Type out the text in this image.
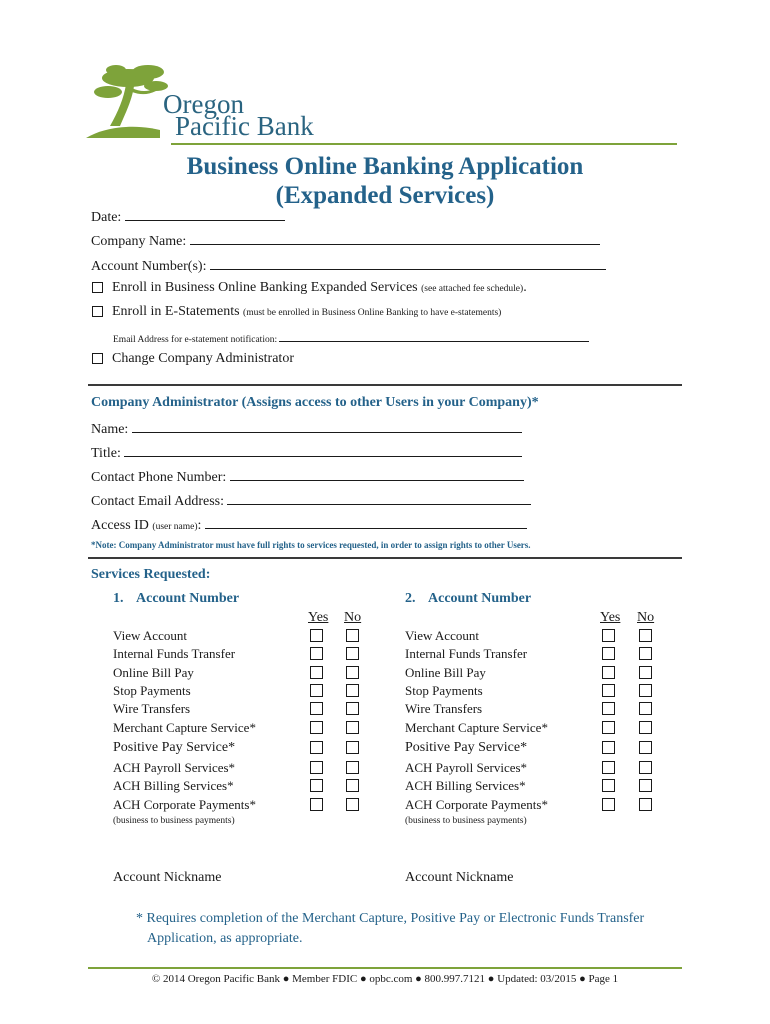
Oregon
Pacific Bank
Business Online Banking Application
(Expanded Services)
Date:
Company Name:
Account Number(s):
Enroll in Business Online Banking Expanded Services (see attached fee schedule).
Enroll in E-Statements (must be enrolled in Business Online Banking to have e-statements)
Email Address for e-statement notification:
Change Company Administrator
Company Administrator (Assigns access to other Users in your Company)*
Name:
Title:
Contact Phone Number:
Contact Email Address:
Access ID (user name):
*Note: Company Administrator must have full rights to services requested, in order to assign rights to other Users.
Services Requested:
1. Account Number
Yes No
View Account
Internal Funds Transfer
Online Bill Pay
Stop Payments
Wire Transfers
Merchant Capture Service*
Positive Pay Service*
ACH Payroll Services*
ACH Billing Services*
ACH Corporate Payments*
(business to business payments)
Account Nickname
2. Account Number
Yes No
View Account
Internal Funds Transfer
Online Bill Pay
Stop Payments
Wire Transfers
Merchant Capture Service*
Positive Pay Service*
ACH Payroll Services*
ACH Billing Services*
ACH Corporate Payments*
(business to business payments)
Account Nickname
* Requires completion of the Merchant Capture, Positive Pay or Electronic Funds Transfer
Application, as appropriate.
© 2014 Oregon Pacific Bank ● Member FDIC ● opbc.com ● 800.997.7121 ● Updated: 03/2015 ● Page 1
